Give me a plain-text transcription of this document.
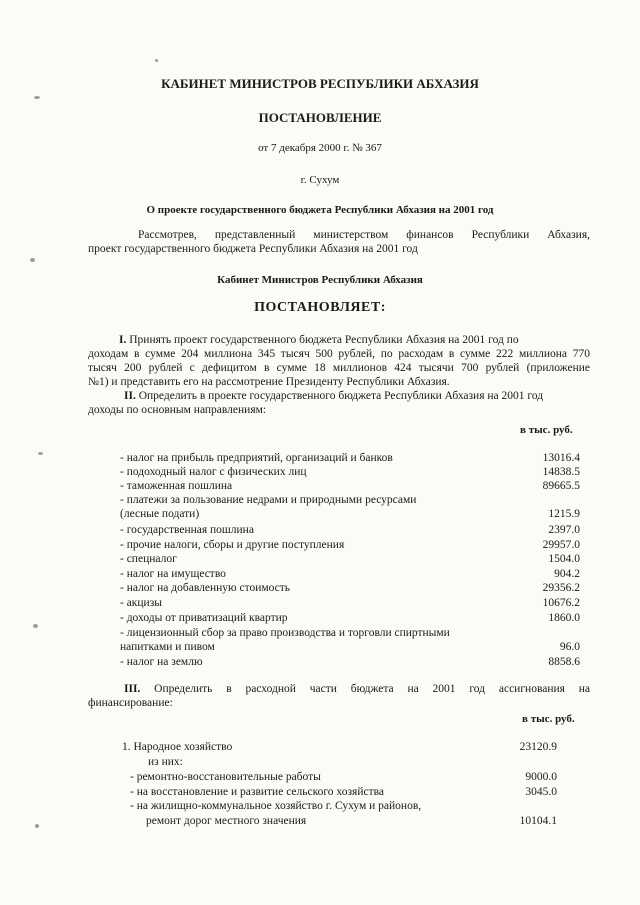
КАБИНЕТ МИНИСТРОВ РЕСПУБЛИКИ АБХАЗИЯ
ПОСТАНОВЛЕНИЕ
от 7 декабря 2000 г. № 367
г. Сухум
О проекте государственного бюджета Республики Абхазия на 2001 год
Рассмотрев, представленный министерством финансов Республики Абхазия,
проект государственного бюджета Республики Абхазия на 2001 год
Кабинет Министров Республики Абхазия
ПОСТАНОВЛЯЕТ:
I. Принять проект государственного бюджета Республики Абхазия на 2001 год по
доходам в сумме 204 миллиона 345 тысяч 500 рублей, по расходам в сумме 222 миллиона 770
тысяч 200 рублей с дефицитом в сумме 18 миллионов 424 тысячи 700 рублей (приложение
№1) и представить его на рассмотрение Президенту Республики Абхазия.
II. Определить в проекте государственного бюджета Республики Абхазия на 2001 год
доходы по основным направлениям:
в тыс. руб.
- налог на прибыль предприятий, организаций и банков	13016.4
- подоходный налог с физических лиц	14838.5
- таможенная пошлина	89665.5
- платежи за пользование недрами и природными ресурсами
(лесные подати)	1215.9
- государственная пошлина	2397.0
- прочие налоги, сборы и другие поступления	29957.0
- спецналог	1504.0
- налог на имущество	904.2
- налог на добавленную стоимость	29356.2
- акцизы	10676.2
- доходы от приватизаций квартир	1860.0
- лицензионный сбор за право производства и торговли спиртными
напитками и пивом	96.0
- налог на землю	8858.6
III. Определить в расходной части бюджета на 2001 год ассигнования на
финансирование:
в тыс. руб.
1. Народное хозяйство	23120.9
из них:
- ремонтно-восстановительные работы	9000.0
- на восстановление и развитие сельского хозяйства	3045.0
- на жилищно-коммунальное хозяйство г. Сухум и районов,
ремонт дорог местного значения	10104.1
